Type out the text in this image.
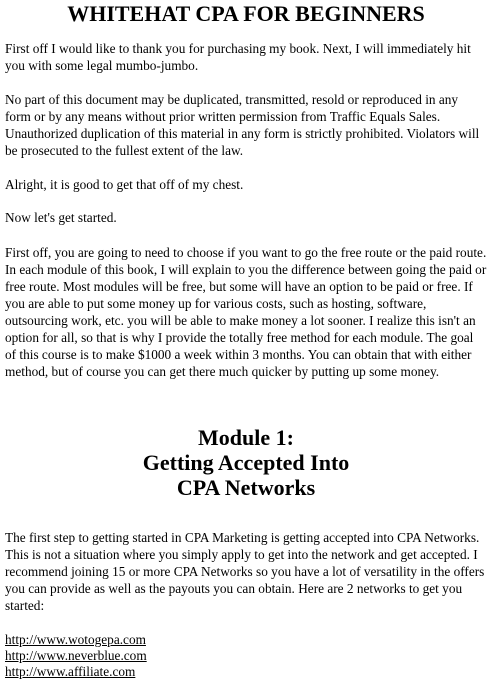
WHITEHAT CPA FOR BEGINNERS

First off I would like to thank you for purchasing my book. Next, I will immediately hit you with some legal mumbo-jumbo.

No part of this document may be duplicated, transmitted, resold or reproduced in any form or by any means without prior written permission from Traffic Equals Sales. Unauthorized duplication of this material in any form is strictly prohibited. Violators will be prosecuted to the fullest extent of the law.

Alright, it is good to get that off of my chest.

Now let's get started.

First off, you are going to need to choose if you want to go the free route or the paid route. In each module of this book, I will explain to you the difference between going the paid or free route. Most modules will be free, but some will have an option to be paid or free. If you are able to put some money up for various costs, such as hosting, software, outsourcing work, etc. you will be able to make money a lot sooner. I realize this isn't an option for all, so that is why I provide the totally free method for each module. The goal of this course is to make $1000 a week within 3 months. You can obtain that with either method, but of course you can get there much quicker by putting up some money.

Module 1:
Getting Accepted Into
CPA Networks

The first step to getting started in CPA Marketing is getting accepted into CPA Networks. This is not a situation where you simply apply to get into the network and get accepted. I recommend joining 15 or more CPA Networks so you have a lot of versatility in the offers you can provide as well as the payouts you can obtain. Here are 2 networks to get you started:

http://www.wotogepa.com
http://www.neverblue.com
http://www.affiliate.com
